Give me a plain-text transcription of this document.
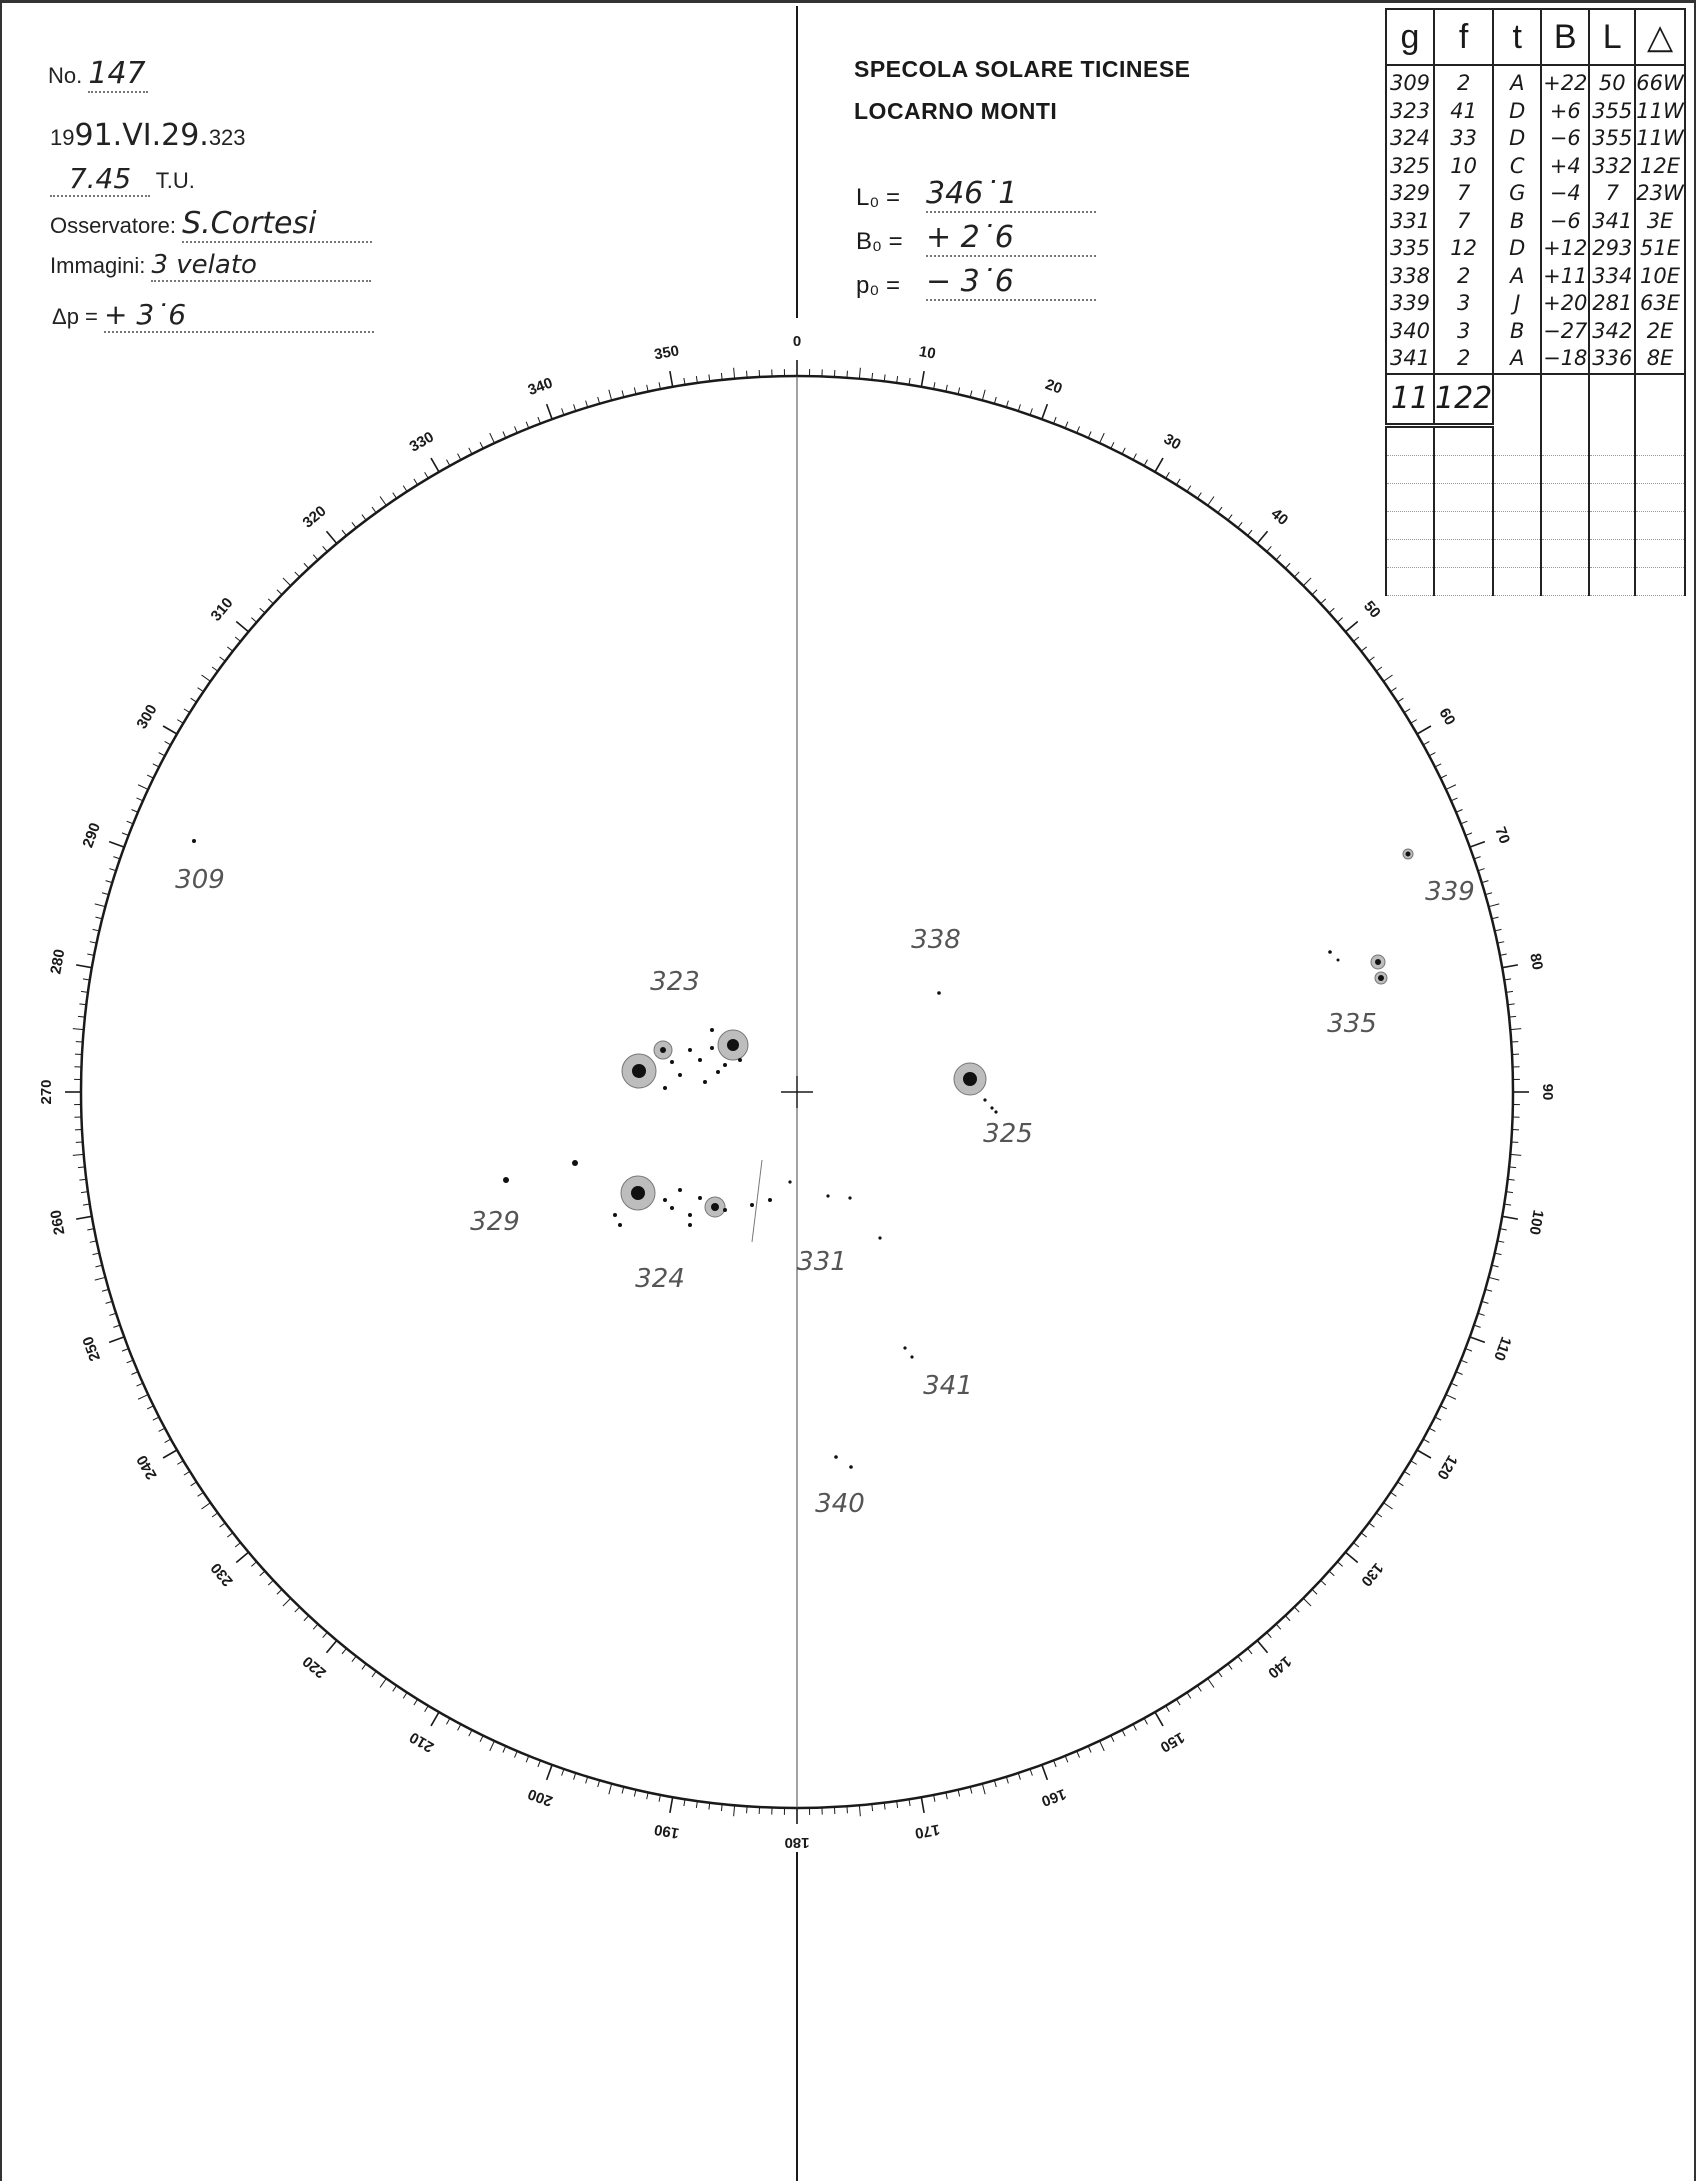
No. 147
1991.VI.29.323
7.45 T.U.
Osservatore: S.Cortesi
Immagini: 3 velato
Δp = + 3˙6
SPECOLA SOLARE TICINESE
LOCARNO MONTI
L₀ = 346˙1
B₀ = + 2˙6
p₀ = − 3˙6
g	f	t	B	L	△
309	2	A	+22	50	66W
323	41	D	+6	355	11W
324	33	D	−6	355	11W
325	10	C	+4	332	12E
329	7	G	−4	7	23W
331	7	B	−6	341	3E
335	12	D	+12	293	51E
338	2	A	+11	334	10E
339	3	J	+20	281	63E
340	3	B	−27	342	2E
341	2	A	−18	336	8E
11	122				

0
10
20
30
40
50
60
70
80
90
100
110
120
130
140
150
160
170
180
190
200
210
220
230
240
250
260
270
280
290
300
310
320
330
340
350
309
323
324
325
329
331
335
338
339
340
341
